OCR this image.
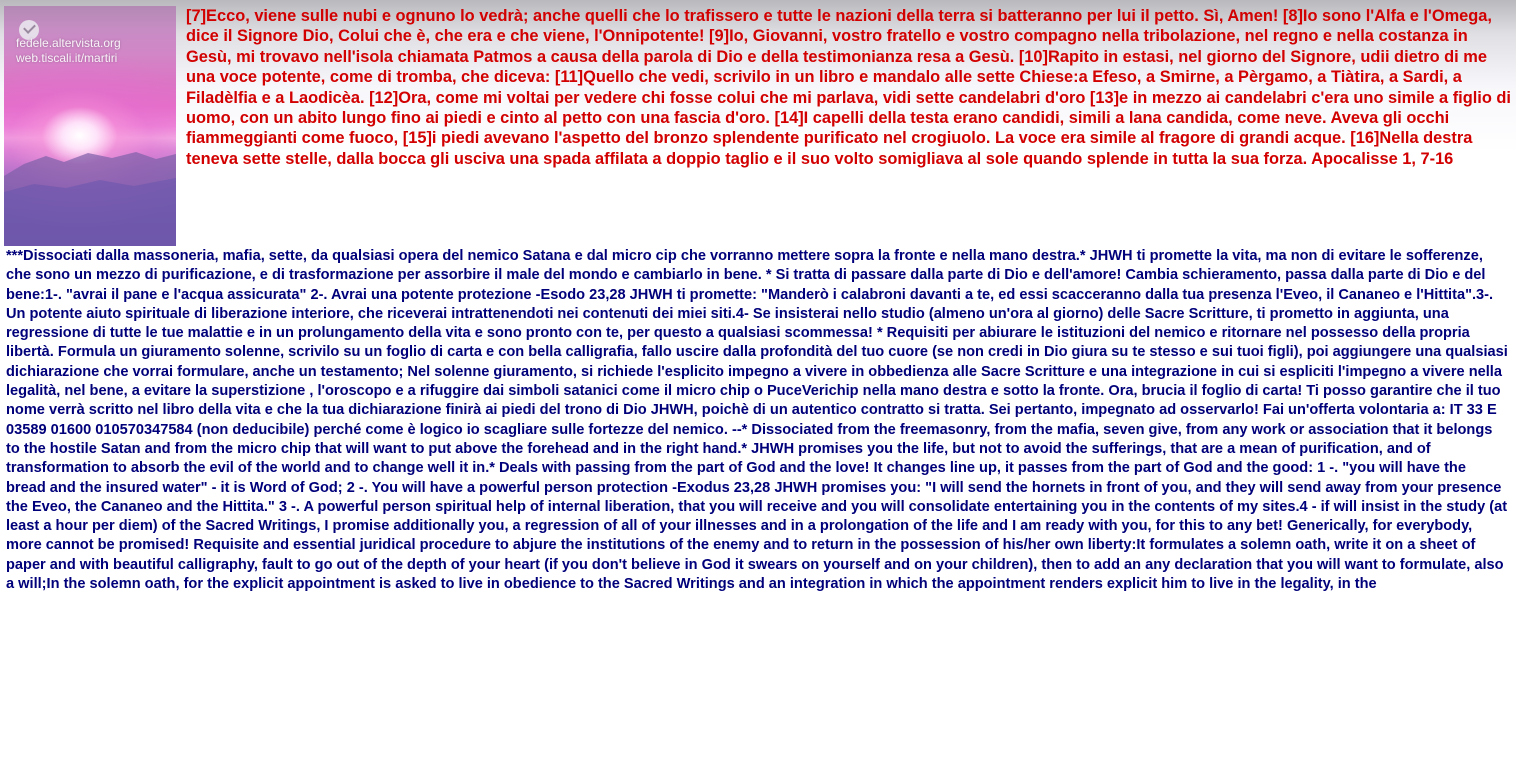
fedele.altervista.org
web.tiscali.it/martiri

[7]Ecco, viene sulle nubi e ognuno lo vedrà; anche quelli che lo trafissero e tutte le nazioni della terra si batteranno per lui il petto. Sì, Amen! [8]Io sono l'Alfa e l'Omega, dice il Signore Dio, Colui che è, che era e che viene, l'Onnipotente! [9]Io, Giovanni, vostro fratello e vostro compagno nella tribolazione, nel regno e nella costanza in Gesù, mi trovavo nell'isola chiamata Patmos a causa della parola di Dio e della testimonianza resa a Gesù. [10]Rapito in estasi, nel giorno del Signore, udii dietro di me una voce potente, come di tromba, che diceva: [11]Quello che vedi, scrivilo in un libro e mandalo alle sette Chiese:a Efeso, a Smirne, a Pèrgamo, a Tiàtira, a Sardi, a Filadèlfia e a Laodicèa. [12]Ora, come mi voltai per vedere chi fosse colui che mi parlava, vidi sette candelabri d'oro [13]e in mezzo ai candelabri c'era uno simile a figlio di uomo, con un abito lungo fino ai piedi e cinto al petto con una fascia d'oro. [14]I capelli della testa erano candidi, simili a lana candida, come neve. Aveva gli occhi fiammeggianti come fuoco, [15]i piedi avevano l'aspetto del bronzo splendente purificato nel crogiuolo. La voce era simile al fragore di grandi acque. [16]Nella destra teneva sette stelle, dalla bocca gli usciva una spada affilata a doppio taglio e il suo volto somigliava al sole quando splende in tutta la sua forza. Apocalisse 1, 7-16

***Dissociati dalla massoneria, mafia, sette, da qualsiasi opera del nemico Satana e dal micro cip che vorranno mettere sopra la fronte e nella mano destra.* JHWH ti promette la vita, ma non di evitare le sofferenze, che sono un mezzo di purificazione, e di trasformazione per assorbire il male del mondo e cambiarlo in bene. * Si tratta di passare dalla parte di Dio e dell'amore! Cambia schieramento, passa dalla parte di Dio e del bene:1-. "avrai il pane e l'acqua assicurata" 2-. Avrai una potente protezione -Esodo 23,28 JHWH ti promette: "Manderò i calabroni davanti a te, ed essi scacceranno dalla tua presenza l'Eveo, il Cananeo e l'Hittita".3-. Un potente aiuto spirituale di liberazione interiore, che riceverai intrattenendoti nei contenuti dei miei siti.4- Se insisterai nello studio (almeno un'ora al giorno) delle Sacre Scritture, ti prometto in aggiunta, una regressione di tutte le tue malattie e in un prolungamento della vita e sono pronto con te, per questo a qualsiasi scommessa! * Requisiti per abiurare le istituzioni del nemico e ritornare nel possesso della propria libertà. Formula un giuramento solenne, scrivilo su un foglio di carta e con bella calligrafia, fallo uscire dalla profondità del tuo cuore (se non credi in Dio giura su te stesso e sui tuoi figli), poi aggiungere una qualsiasi dichiarazione che vorrai formulare, anche un testamento; Nel solenne giuramento, si richiede l'esplicito impegno a vivere in obbedienza alle Sacre Scritture e una integrazione in cui si espliciti l'impegno a vivere nella legalità, nel bene, a evitare la superstizione , l'oroscopo e a rifuggire dai simboli satanici come il micro chip o PuceVerichip nella mano destra e sotto la fronte. Ora, brucia il foglio di carta! Ti posso garantire che il tuo nome verrà scritto nel libro della vita e che la tua dichiarazione finirà ai piedi del trono di Dio JHWH, poichè di un autentico contratto si tratta. Sei pertanto, impegnato ad osservarlo! Fai un'offerta volontaria a: IT 33 E 03589 01600 010570347584 (non deducibile) perché come è logico io scagliare sulle fortezze del nemico. --* Dissociated from the freemasonry, from the mafia, seven give, from any work or association that it belongs to the hostile Satan and from the micro chip that will want to put above the forehead and in the right hand.* JHWH promises you the life, but not to avoid the sufferings, that are a mean of purification, and of transformation to absorb the evil of the world and to change well it in.* Deals with passing from the part of God and the love! It changes line up, it passes from the part of God and the good: 1 -. "you will have the bread and the insured water" - it is Word of God; 2 -. You will have a powerful person protection -Exodus 23,28 JHWH promises you: "I will send the hornets in front of you, and they will send away from your presence the Eveo, the Cananeo and the Hittita." 3 -. A powerful person spiritual help of internal liberation, that you will receive and you will consolidate entertaining you in the contents of my sites.4 - if will insist in the study (at least a hour per diem) of the Sacred Writings, I promise additionally you, a regression of all of your illnesses and in a prolongation of the life and I am ready with you, for this to any bet! Generically, for everybody, more cannot be promised! Requisite and essential juridical procedure to abjure the institutions of the enemy and to return in the possession of his/her own liberty:It formulates a solemn oath, write it on a sheet of paper and with beautiful calligraphy, fault to go out of the depth of your heart (if you don't believe in God it swears on yourself and on your children), then to add an any declaration that you will want to formulate, also a will;In the solemn oath, for the explicit appointment is asked to live in obedience to the Sacred Writings and an integration in which the appointment renders explicit him to live in the legality, in the
